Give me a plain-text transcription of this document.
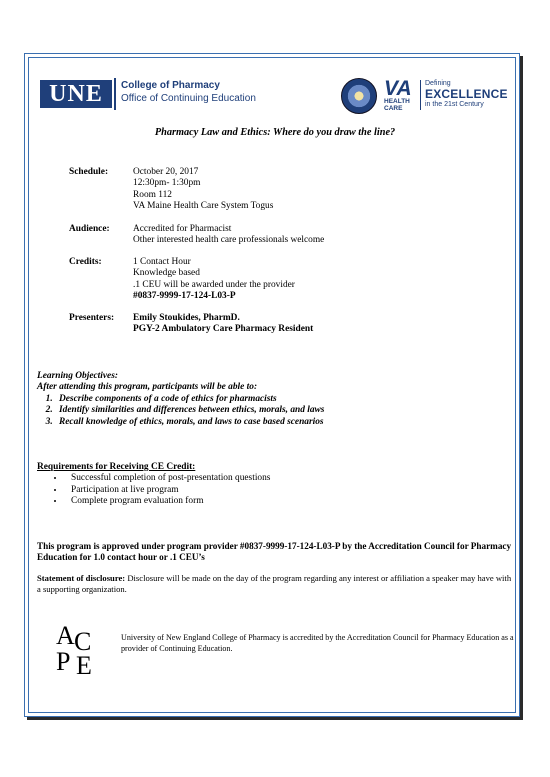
UNE	College of Pharmacy
Office of Continuing Education	VA
HEALTH
CARE
Defining
EXCELLENCE
in the 21st Century
Pharmacy Law and Ethics: Where do you draw the line?
Schedule:	October 20, 2017
12:30pm- 1:30pm
Room 112
VA Maine Health Care System Togus
Audience:	Accredited for Pharmacist
Other interested health care professionals welcome
Credits:	1 Contact Hour
Knowledge based
.1 CEU will be awarded under the provider
#0837-9999-17-124-L03-P
Presenters:	Emily Stoukides, PharmD.
PGY-2 Ambulatory Care Pharmacy Resident
Learning Objectives:
After attending this program, participants will be able to:
1. Describe components of a code of ethics for pharmacists
2. Identify similarities and differences between ethics, morals, and laws
3. Recall knowledge of ethics, morals, and laws to case based scenarios
Requirements for Receiving CE Credit:
• Successful completion of post-presentation questions
• Participation at live program
• Complete program evaluation form
This program is approved under program provider #0837-9999-17-124-L03-P by the Accreditation Council for Pharmacy Education for 1.0 contact hour or .1 CEU’s
Statement of disclosure: Disclosure will be made on the day of the program regarding any interest or affiliation a speaker may have with a supporting organization.
A C
P E
University of New England College of Pharmacy is accredited by the Accreditation Council for Pharmacy Education as a provider of Continuing Education.
